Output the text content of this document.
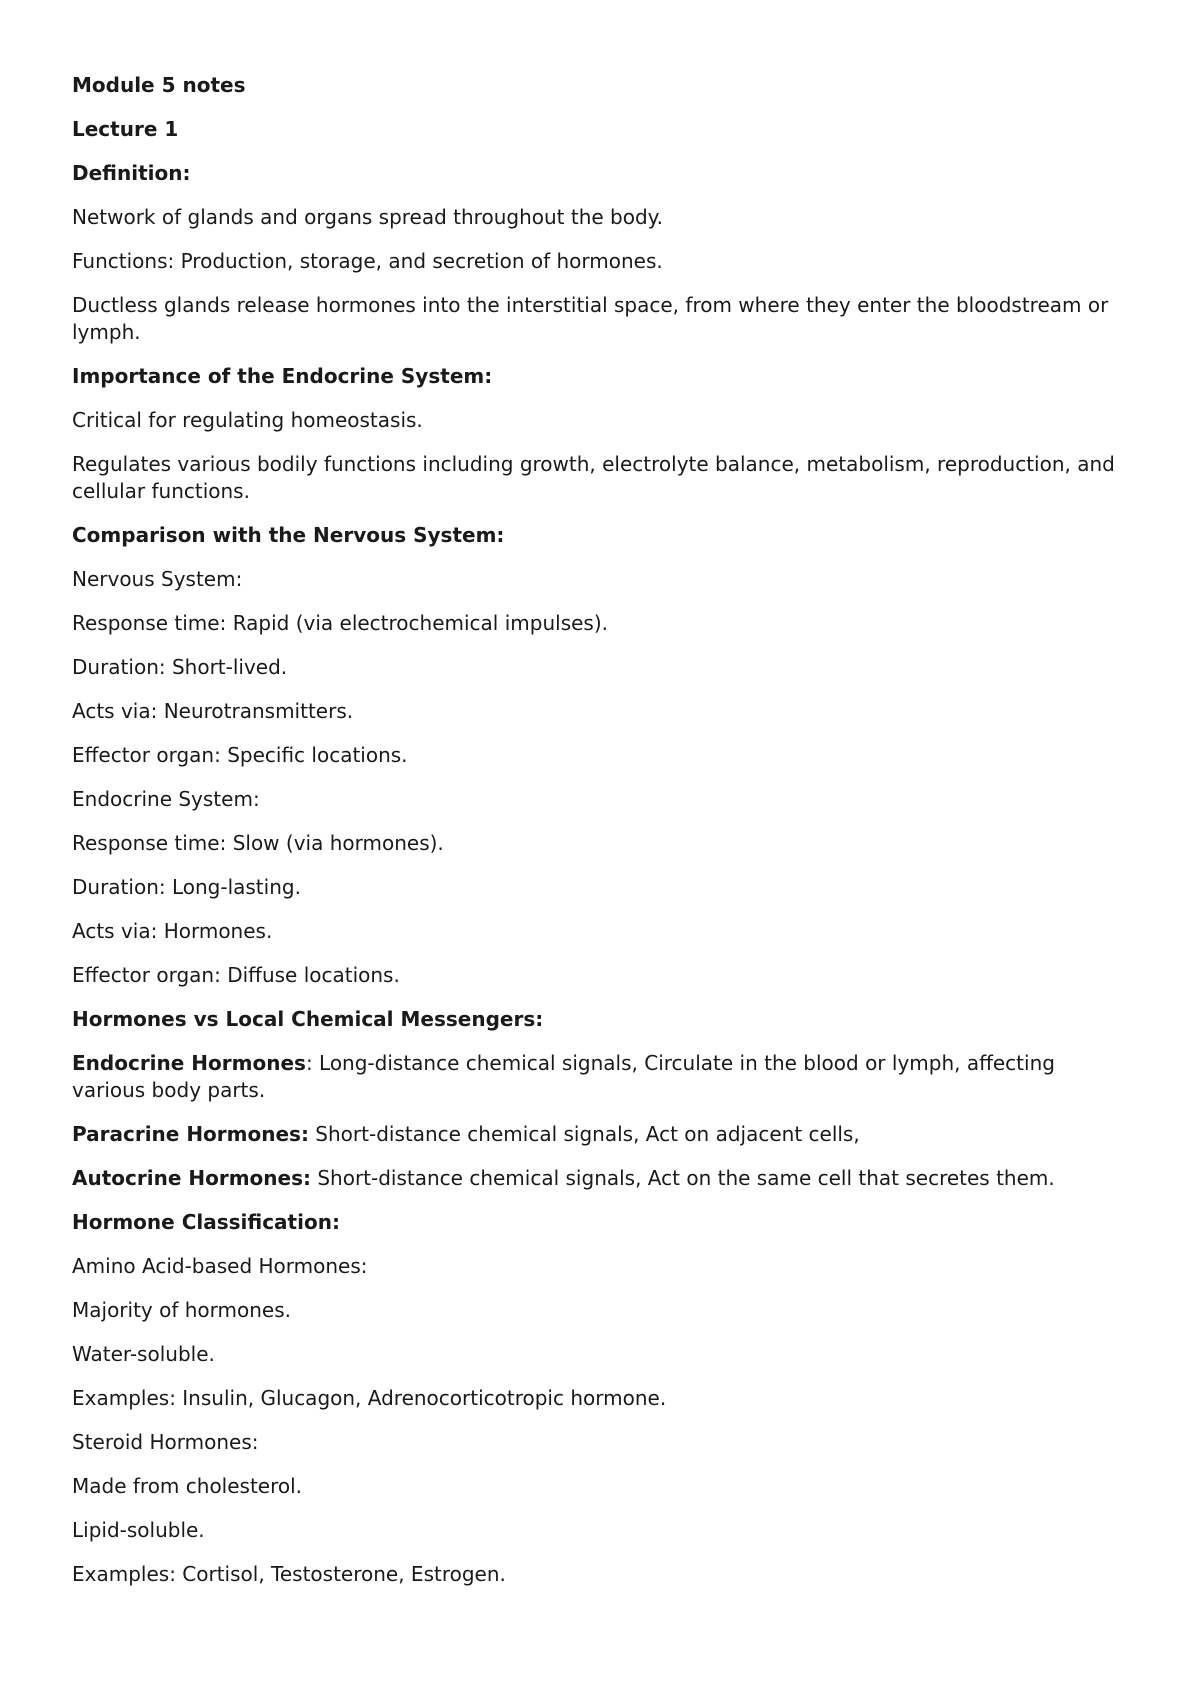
Module 5 notes
Lecture 1
Definition:
Network of glands and organs spread throughout the body.
Functions: Production, storage, and secretion of hormones.
Ductless glands release hormones into the interstitial space, from where they enter the bloodstream or lymph.
Importance of the Endocrine System:
Critical for regulating homeostasis.
Regulates various bodily functions including growth, electrolyte balance, metabolism, reproduction, and cellular functions.
Comparison with the Nervous System:
Nervous System:
Response time: Rapid (via electrochemical impulses).
Duration: Short-lived.
Acts via: Neurotransmitters.
Effector organ: Specific locations.
Endocrine System:
Response time: Slow (via hormones).
Duration: Long-lasting.
Acts via: Hormones.
Effector organ: Diffuse locations.
Hormones vs Local Chemical Messengers:
Endocrine Hormones: Long-distance chemical signals, Circulate in the blood or lymph, affecting various body parts.
Paracrine Hormones: Short-distance chemical signals, Act on adjacent cells,
Autocrine Hormones: Short-distance chemical signals, Act on the same cell that secretes them.
Hormone Classification:
Amino Acid-based Hormones:
Majority of hormones.
Water-soluble.
Examples: Insulin, Glucagon, Adrenocorticotropic hormone.
Steroid Hormones:
Made from cholesterol.
Lipid-soluble.
Examples: Cortisol, Testosterone, Estrogen.
